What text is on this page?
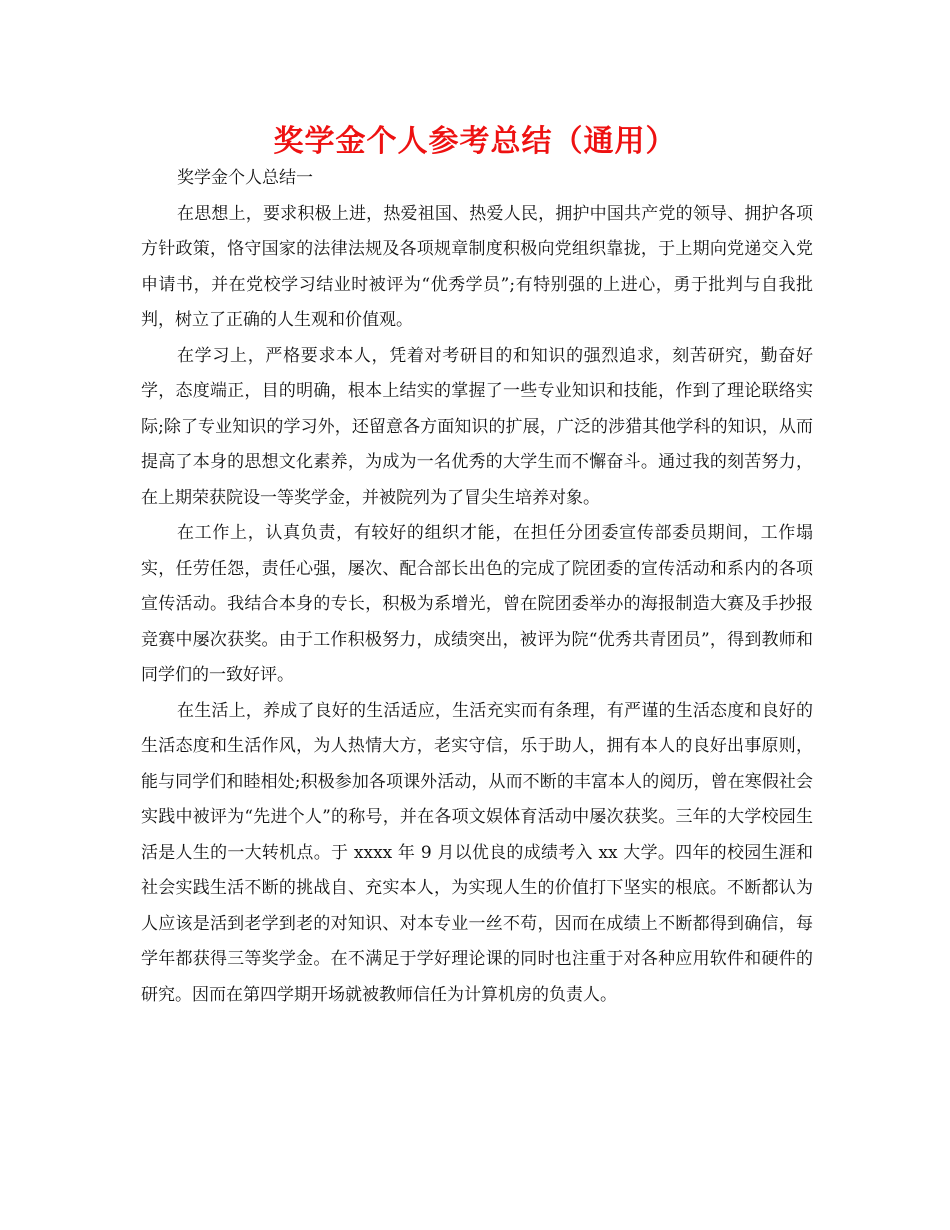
奖学金个人参考总结（通用）

奖学金个人总结一

在思想上，要求积极上进，热爱祖国、热爱人民，拥护中国共产党的领导、拥护各项方针政策，恪守国家的法律法规及各项规章制度积极向党组织靠拢，于上期向党递交入党申请书，并在党校学习结业时被评为“优秀学员”;有特别强的上进心，勇于批判与自我批判，树立了正确的人生观和价值观。

在学习上，严格要求本人，凭着对考研目的和知识的强烈追求，刻苦研究，勤奋好学，态度端正，目的明确，根本上结实的掌握了一些专业知识和技能，作到了理论联络实际;除了专业知识的学习外，还留意各方面知识的扩展，广泛的涉猎其他学科的知识，从而提高了本身的思想文化素养，为成为一名优秀的大学生而不懈奋斗。通过我的刻苦努力，在上期荣获院设一等奖学金，并被院列为了冒尖生培养对象。

在工作上，认真负责，有较好的组织才能，在担任分团委宣传部委员期间，工作塌实，任劳任怨，责任心强，屡次、配合部长出色的完成了院团委的宣传活动和系内的各项宣传活动。我结合本身的专长，积极为系增光，曾在院团委举办的海报制造大赛及手抄报竞赛中屡次获奖。由于工作积极努力，成绩突出，被评为院“优秀共青团员”，得到教师和同学们的一致好评。

在生活上，养成了良好的生活适应，生活充实而有条理，有严谨的生活态度和良好的生活态度和生活作风，为人热情大方，老实守信，乐于助人，拥有本人的良好出事原则，能与同学们和睦相处;积极参加各项课外活动，从而不断的丰富本人的阅历，曾在寒假社会实践中被评为“先进个人”的称号，并在各项文娱体育活动中屡次获奖。三年的大学校园生活是人生的一大转机点。于 xxxx 年 9 月以优良的成绩考入 xx 大学。四年的校园生涯和社会实践生活不断的挑战自、充实本人，为实现人生的价值打下坚实的根底。不断都认为人应该是活到老学到老的对知识、对本专业一丝不苟，因而在成绩上不断都得到确信，每学年都获得三等奖学金。在不满足于学好理论课的同时也注重于对各种应用软件和硬件的研究。因而在第四学期开场就被教师信任为计算机房的负责人。
